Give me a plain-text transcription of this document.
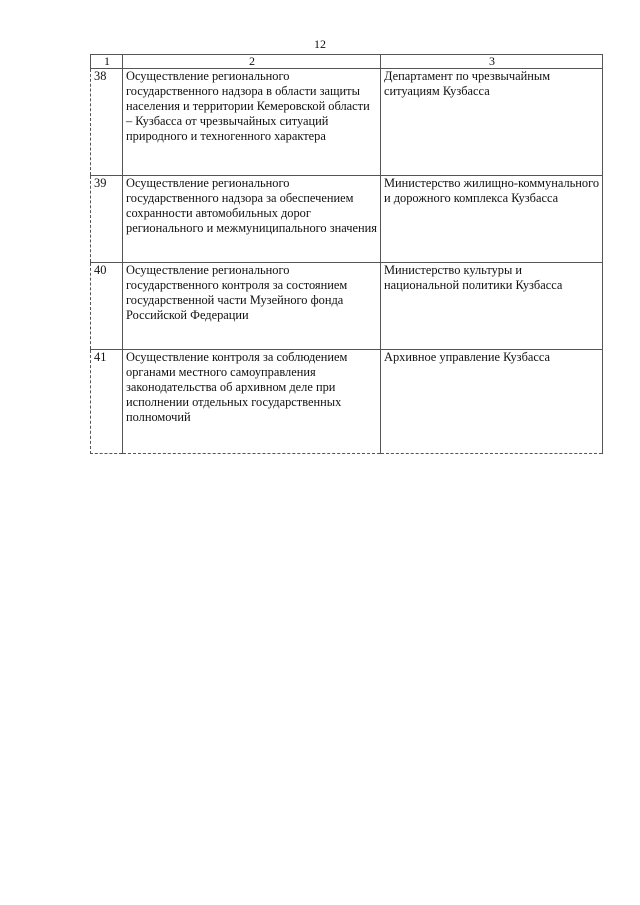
12
1	2	3
38	Осуществление регионального государственного надзора в области защиты населения и территории Кемеровской области – Кузбасса от чрезвычайных ситуаций природного и техногенного характера	Департамент по чрезвычайным ситуациям Кузбасса
39	Осуществление регионального государственного надзора за обеспечением сохранности автомобильных дорог регионального и межмуниципального значения	Министерство жилищно-коммунального и дорожного комплекса Кузбасса
40	Осуществление регионального государственного контроля за состоянием государственной части Музейного фонда Российской Федерации	Министерство культуры и национальной политики Кузбасса
41	Осуществление контроля за соблюдением органами местного самоуправления законодательства об архивном деле при исполнении отдельных государственных полномочий	Архивное управление Кузбасса
